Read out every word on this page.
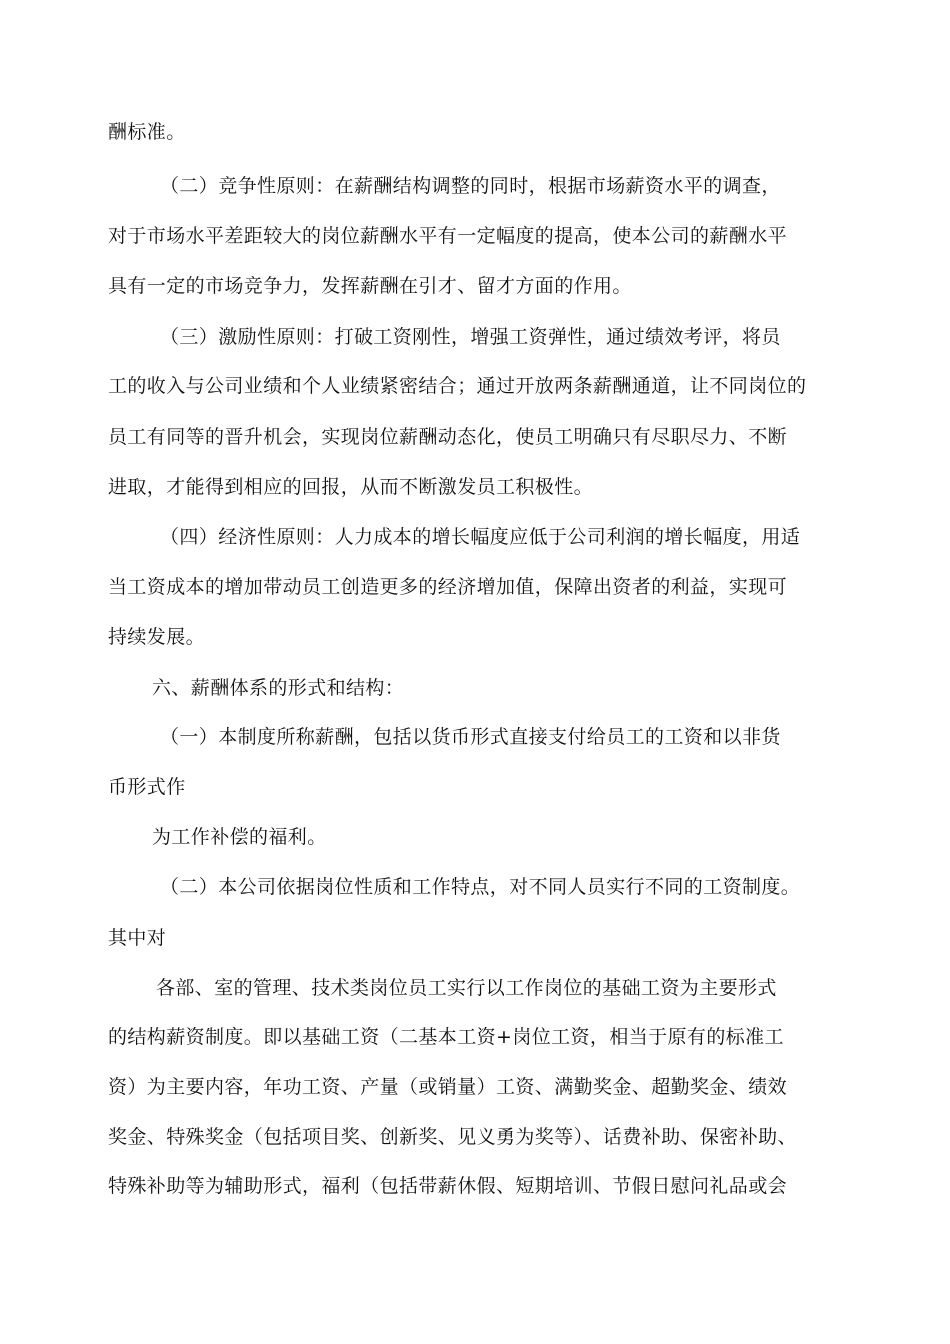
酬标准。
（二）竞争性原则：在薪酬结构调整的同时，根据市场薪资水平的调查，
对于市场水平差距较大的岗位薪酬水平有一定幅度的提高，使本公司的薪酬水平
具有一定的市场竞争力，发挥薪酬在引才、留才方面的作用。
（三）激励性原则：打破工资刚性，增强工资弹性，通过绩效考评，将员
工的收入与公司业绩和个人业绩紧密结合；通过开放两条薪酬通道，让不同岗位的
员工有同等的晋升机会，实现岗位薪酬动态化，使员工明确只有尽职尽力、不断
进取，才能得到相应的回报，从而不断激发员工积极性。
（四）经济性原则：人力成本的增长幅度应低于公司利润的增长幅度，用适
当工资成本的增加带动员工创造更多的经济增加值，保障出资者的利益，实现可
持续发展。
六、薪酬体系的形式和结构：
（一）本制度所称薪酬，包括以货币形式直接支付给员工的工资和以非货
币形式作
为工作补偿的福利。
（二）本公司依据岗位性质和工作特点，对不同人员实行不同的工资制度。
其中对
各部、室的管理、技术类岗位员工实行以工作岗位的基础工资为主要形式
的结构薪资制度。即以基础工资（二基本工资+岗位工资，相当于原有的标准工
资）为主要内容，年功工资、产量（或销量）工资、满勤奖金、超勤奖金、绩效
奖金、特殊奖金（包括项目奖、创新奖、见义勇为奖等）、话费补助、保密补助、
特殊补助等为辅助形式，福利（包括带薪休假、短期培训、节假日慰问礼品或会
